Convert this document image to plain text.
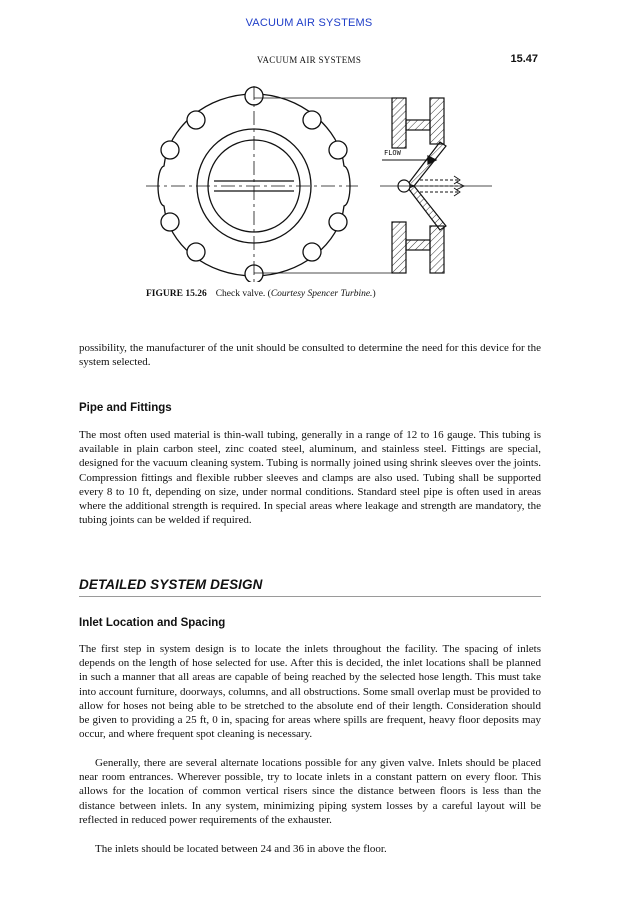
VACUUM AIR SYSTEMS
VACUUM AIR SYSTEMS	15.47
FLOW
FIGURE 15.26 Check valve. (Courtesy Spencer Turbine.)

possibility, the manufacturer of the unit should be consulted to determine the need for this device for the system selected.

Pipe and Fittings

The most often used material is thin-wall tubing, generally in a range of 12 to 16 gauge. This tubing is available in plain carbon steel, zinc coated steel, aluminum, and stainless steel. Fittings are special, designed for the vacuum cleaning system. Tubing is normally joined using shrink sleeves over the joints. Compression fittings and flexible rubber sleeves and clamps are also used. Tubing shall be supported every 8 to 10 ft, depending on size, under normal conditions. Standard steel pipe is often used in areas where the additional strength is required. In special areas where leakage and strength are mandatory, the tubing joints can be welded if required.

DETAILED SYSTEM DESIGN
Inlet Location and Spacing

The first step in system design is to locate the inlets throughout the facility. The spacing of inlets depends on the length of hose selected for use. After this is decided, the inlet locations shall be planned in such a manner that all areas are capable of being reached by the selected hose length. This must take into account furniture, doorways, columns, and all obstructions. Some small overlap must be provided to allow for hoses not being able to be stretched to the absolute end of their length. Consideration should be given to providing a 25 ft, 0 in, spacing for areas where spills are frequent, heavy floor deposits may occur, and where frequent spot cleaning is necessary.

Generally, there are several alternate locations possible for any given valve. Inlets should be placed near room entrances. Wherever possible, try to locate inlets in a constant pattern on every floor. This allows for the location of common vertical risers since the distance between floors is less than the distance between inlets. In any system, minimizing piping system losses by a careful layout will be reflected in reduced power requirements of the exhauster.

The inlets should be located between 24 and 36 in above the floor.
